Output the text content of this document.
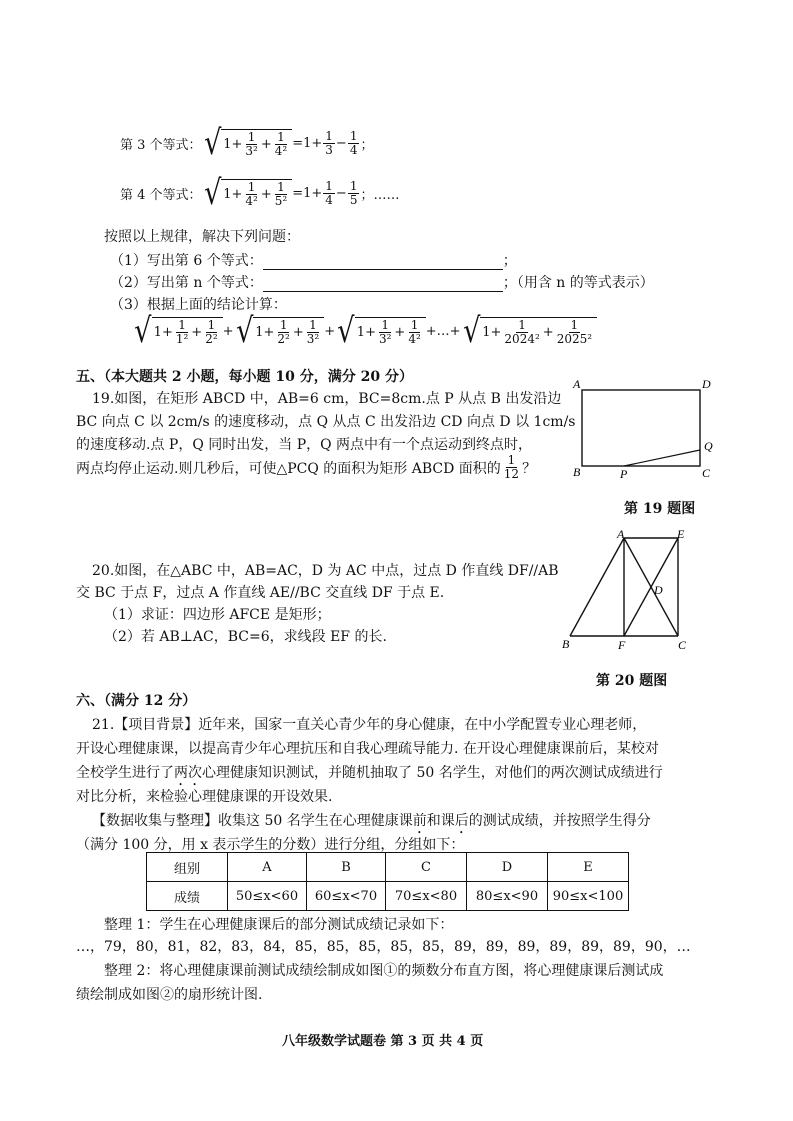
第 3 个等式： √ $1+ \frac{1}{\text{3²}} + \frac{1}{\text{4²}} =1+ \frac{1}{3} - \frac{1}{4}$ ；
第 4 个等式： √ $1+ \frac{1}{\text{4²}} + \frac{1}{\text{5²}} =1+ \frac{1}{4} - \frac{1}{5}$ ；……
按照以上规律，解决下列问题：
（1）写出第 6 个等式：	；
（2）写出第 n 个等式：	；（用含 n 的等式表示）
（3）根据上面的结论计算：
√ $1+ \frac{1}{\text{1²}} + \frac{1}{\text{2²}}$ + √ $1+ \frac{1}{\text{2²}} + \frac{1}{\text{3²}}$ + √ $1+ \frac{1}{\text{3²}} + \frac{1}{\text{4²}}$ +…+ √ $1+ \frac{1}{\text{2024²}} + \frac{1}{\text{2025²}}$
五、（本大题共 2 小题，每小题 10 分，满分 20 分）
19.如图，在矩形 ABCD 中，AB=6 cm，BC=8cm.点 P 从点 B 出发沿边
BC 向点 C 以 2cm/s 的速度移动，点 Q 从点 C 出发沿边 CD 向点 D 以 1cm/s
的速度移动.点 P，Q 同时出发，当 P，Q 两点中有一个点运动到终点时，
两点均停止运动.则几秒后，可使△PCQ 的面积为矩形 ABCD 面积的 $\frac{1}{12}$ ？
A	D
B	P	C
Q
第 19 题图
20.如图，在△ABC 中，AB=AC，D 为 AC 中点，过点 D 作直线 DF//AB
交 BC 于点 F，过点 A 作直线 AE//BC 交直线 DF 于点 E.
（1）求证：四边形 AFCE 是矩形；
（2）若 AB⊥AC，BC=6，求线段 EF 的长.
A	E
D
B	F	C
第 20 题图
六、（满分 12 分）
21.【项目背景】近年来，国家一直关心青少年的身心健康，在中小学配置专业心理老师，
开设心理健康课，以提高青少年心理抗压和自我心理疏导能力. 在开设心理健康课前后，某校对
全校学生进行了两次心理健康知识测试，并随机抽取了 50 名学生，对他们的两次测试成绩进行
对比分析，来检验心理健康课的开设效果.
【数据收集与整理】收集这 50 名学生在心理健康课前和课后的测试成绩，并按照学生得分
（满分 100 分，用 x 表示学生的分数）进行分组，分组如下：
组别	A	B	C	D	E
成绩	50≤x<60	60≤x<70	70≤x<80	80≤x<90	90≤x<100
整理 1：学生在心理健康课后的部分测试成绩记录如下：
…，79，80，81，82，83，84，85，85，85，85，85，89，89，89，89，89，89，90，…
整理 2：将心理健康课前测试成绩绘制成如图①的频数分布直方图，将心理健康课后测试成
绩绘制成如图②的扇形统计图.
八年级数学试题卷 第 3 页 共 4 页
